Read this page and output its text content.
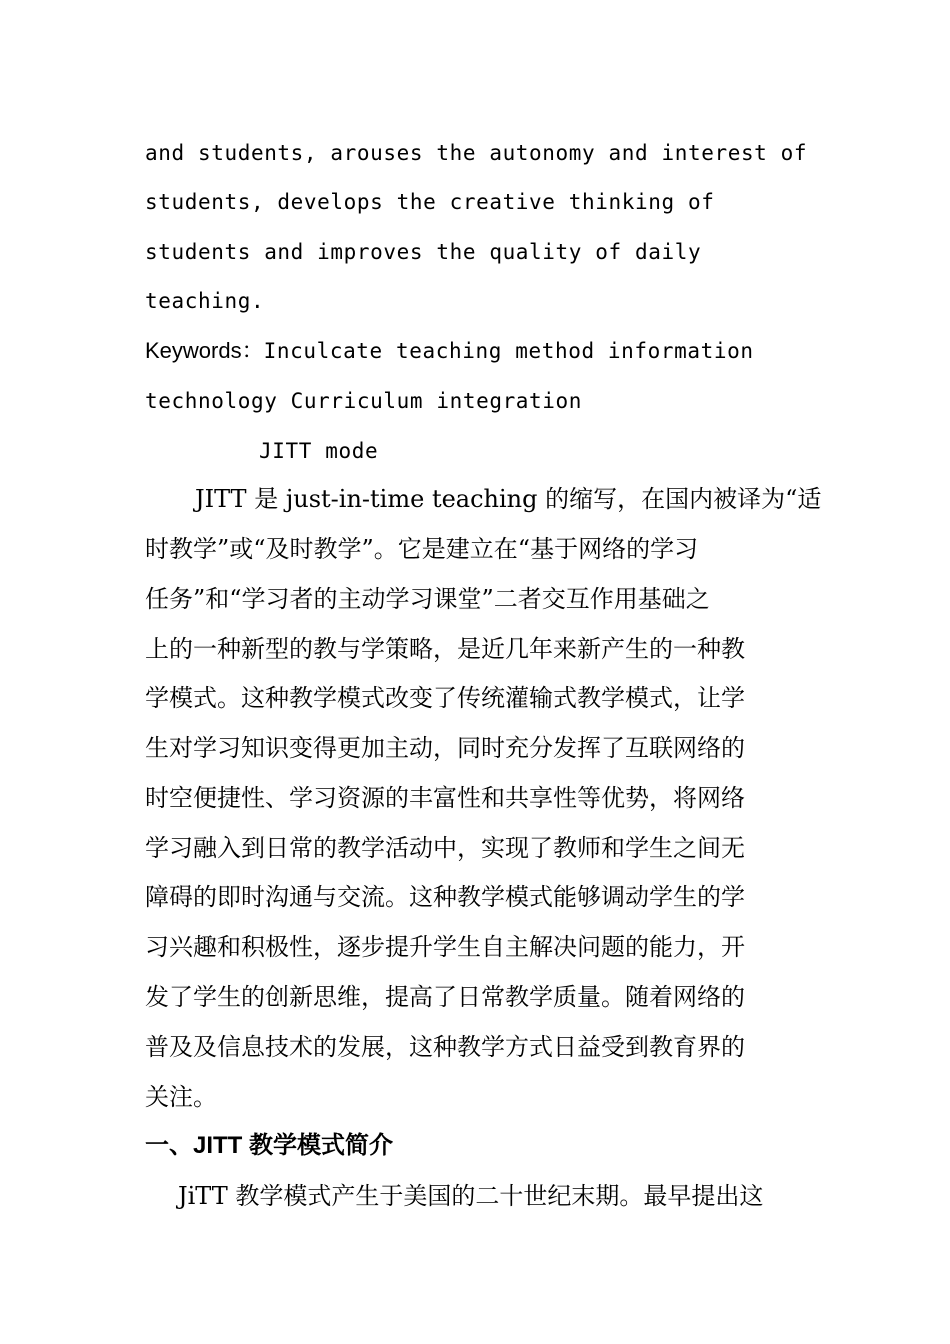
and students, arouses the autonomy and interest of
students, develops the creative thinking of
students and improves the quality of daily
teaching.
Keywords：Inculcate teaching method information
technology Curriculum integration
JITT mode
JITT 是 just-in-time teaching 的缩写，在国内被译为“适
时教学”或“及时教学”。它是建立在“基于网络的学习
任务”和“学习者的主动学习课堂”二者交互作用基础之
上的一种新型的教与学策略，是近几年来新产生的一种教
学模式。这种教学模式改变了传统灌输式教学模式，让学
生对学习知识变得更加主动，同时充分发挥了互联网络的
时空便捷性、学习资源的丰富性和共享性等优势，将网络
学习融入到日常的教学活动中，实现了教师和学生之间无
障碍的即时沟通与交流。这种教学模式能够调动学生的学
习兴趣和积极性，逐步提升学生自主解决问题的能力，开
发了学生的创新思维，提高了日常教学质量。随着网络的
普及及信息技术的发展，这种教学方式日益受到教育界的
关注。
一、JITT 教学模式简介
JiTT 教学模式产生于美国的二十世纪末期。最早提出这
